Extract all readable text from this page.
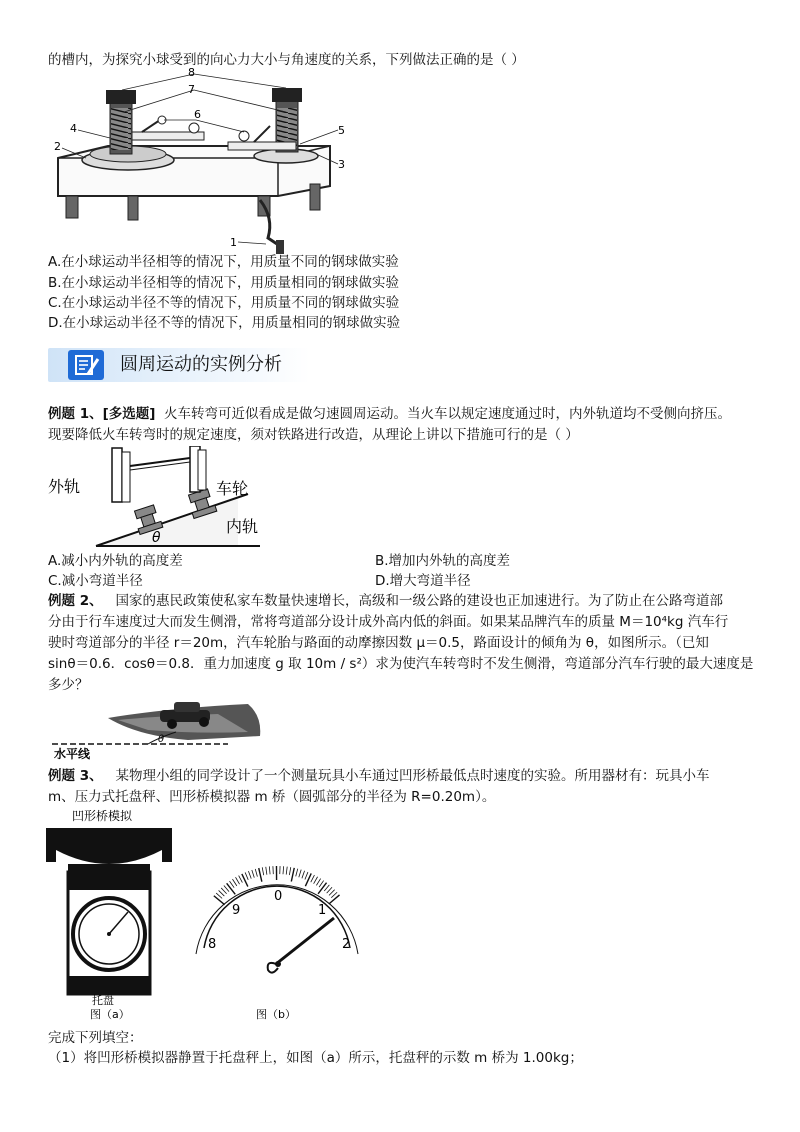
的槽内，为探究小球受到的向心力大小与角速度的关系，下列做法正确的是（ ）
8
7
6
4	5
2
3
1
A.在小球运动半径相等的情况下，用质量不同的钢球做实验
B.在小球运动半径相等的情况下，用质量相同的钢球做实验
C.在小球运动半径不等的情况下，用质量不同的钢球做实验
D.在小球运动半径不等的情况下，用质量相同的钢球做实验
圆周运动的实例分析
例题 1、[多选题] 火车转弯可近似看成是做匀速圆周运动。当火车以规定速度通过时，内外轨道均不受侧向挤压。
现要降低火车转弯时的规定速度，须对铁路进行改造，从理论上讲以下措施可行的是（ ）
外轨	车轮
内轨
θ
A.减小内外轨的高度差	B.增加内外轨的高度差
C.减小弯道半径	D.增大弯道半径
例题 2、 国家的惠民政策使私家车数量快速增长，高级和一级公路的建设也正加速进行。为了防止在公路弯道部
分由于行车速度过大而发生侧滑，常将弯道部分设计成外高内低的斜面。如果某品牌汽车的质量 M＝10⁴kg 汽车行
驶时弯道部分的半径 r＝20m，汽车轮胎与路面的动摩擦因数 μ＝0.5，路面设计的倾角为 θ，如图所示。（已知
sinθ＝0.6．cosθ＝0.8．重力加速度 g 取 10m / s²）求为使汽车转弯时不发生侧滑，弯道部分汽车行驶的最大速度是
多少？
θ
水平线
例题 3、 某物理小组的同学设计了一个测量玩具小车通过凹形桥最低点时速度的实验。所用器材有：玩具小车
m、压力式托盘秤、凹形桥模拟器 m 桥（圆弧部分的半径为 R=0.20m）。
凹形桥模拟
托盘
图（a）
8
9
0
1
2
图（b）
完成下列填空：
（1）将凹形桥模拟器静置于托盘秤上，如图（a）所示，托盘秤的示数 m 桥为 1.00kg；
